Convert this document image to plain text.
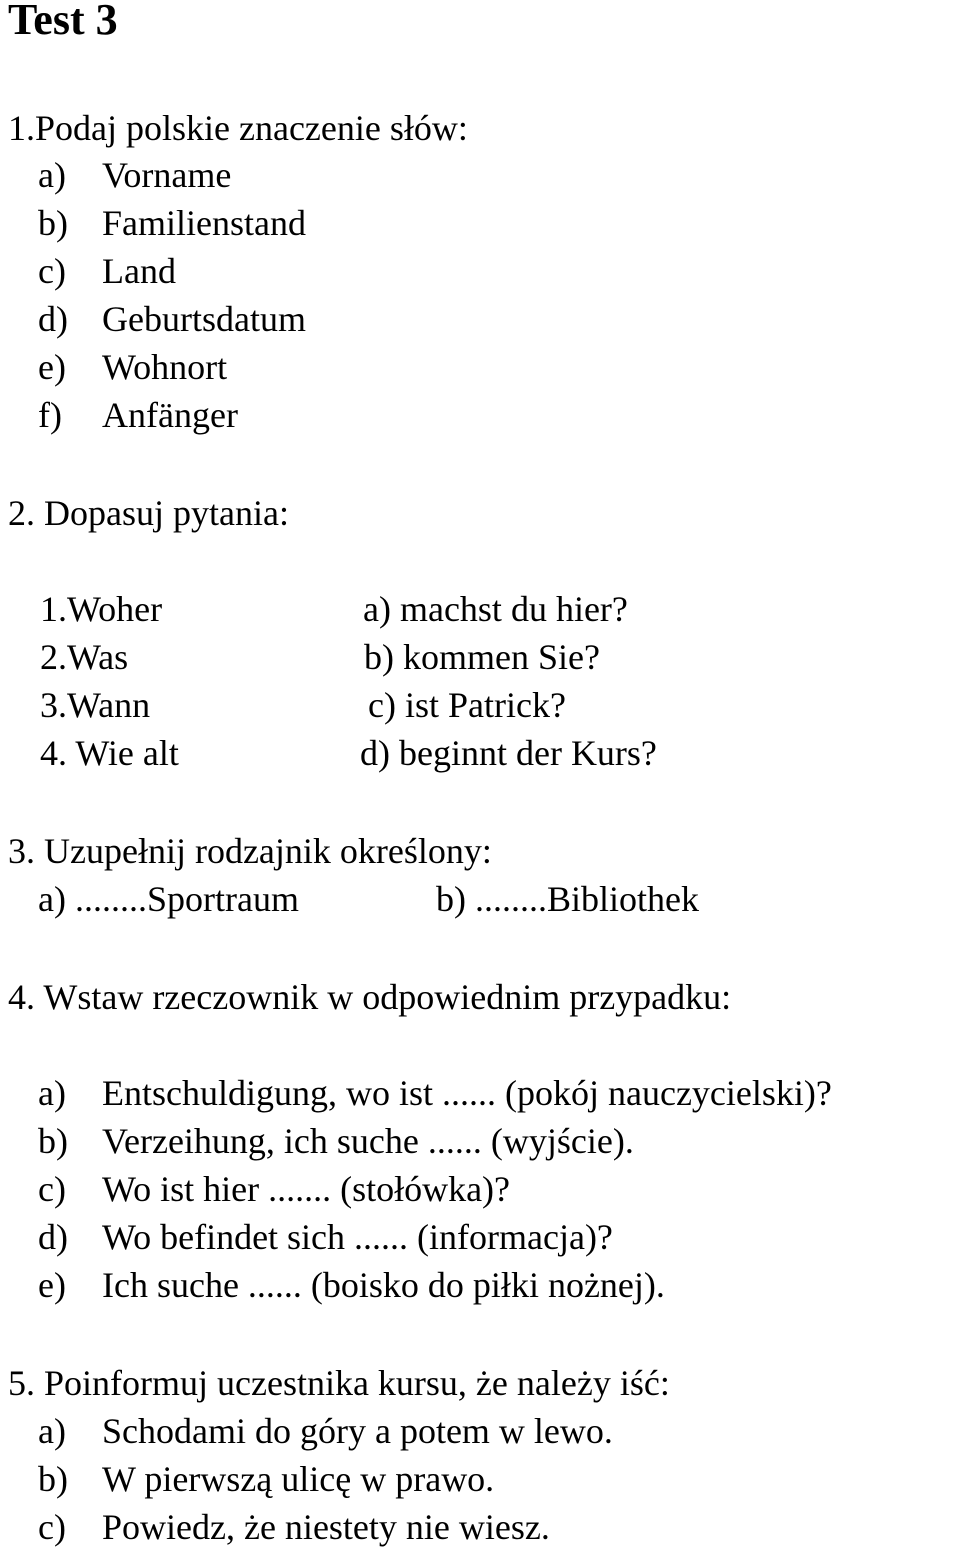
Test 3
1.Podaj polskie znaczenie słów:
a) Vorname
b) Familienstand
c) Land
d) Geburtsdatum
e) Wohnort
f) Anfänger
2. Dopasuj pytania:
1.Woher	a) machst du hier?
2.Was	b) kommen Sie?
3.Wann	c) ist Patrick?
4. Wie alt	d) beginnt der Kurs?
3. Uzupełnij rodzajnik określony:
a) ........Sportraum	b) ........Bibliothek
4. Wstaw rzeczownik w odpowiednim przypadku:
a) Entschuldigung, wo ist ...... (pokój nauczycielski)?
b) Verzeihung, ich suche ...... (wyjście).
c) Wo ist hier ....... (stołówka)?
d) Wo befindet sich ...... (informacja)?
e) Ich suche ...... (boisko do piłki nożnej).
5. Poinformuj uczestnika kursu, że należy iść:
a) Schodami do góry a potem w lewo.
b) W pierwszą ulicę w prawo.
c) Powiedz, że niestety nie wiesz.
